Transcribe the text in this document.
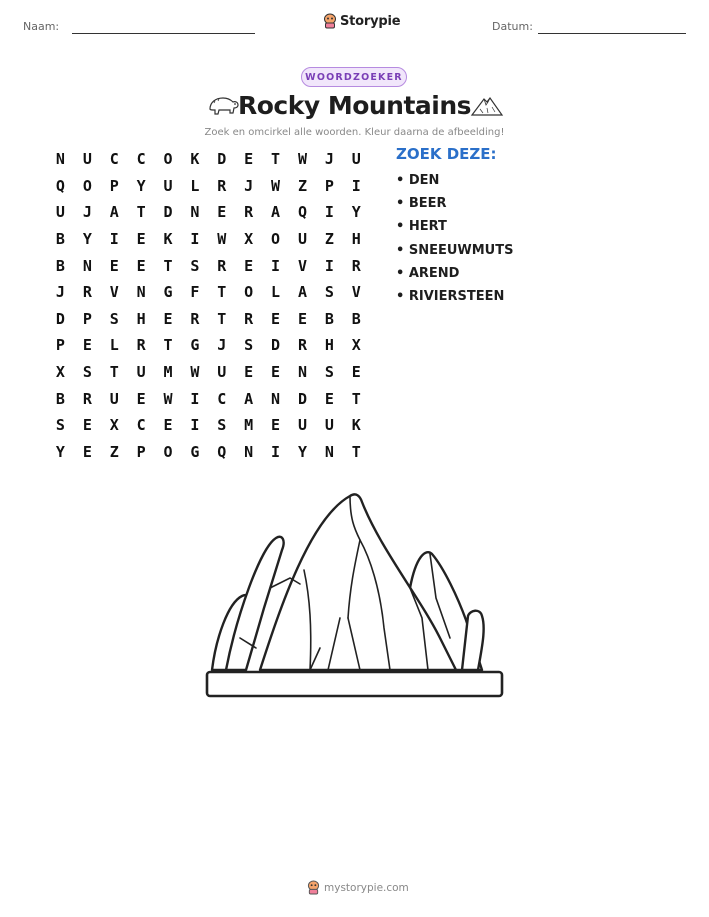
Naam:	Storypie	Datum:
WOORDZOEKER
Rocky Mountains
Zoek en omcirkel alle woorden. Kleur daarna de afbeelding!
N	U	C	C	O	K	D	E	T	W	J	U
Q	O	P	Y	U	L	R	J	W	Z	P	I
U	J	A	T	D	N	E	R	A	Q	I	Y
B	Y	I	E	K	I	W	X	O	U	Z	H
B	N	E	E	T	S	R	E	I	V	I	R
J	R	V	N	G	F	T	O	L	A	S	V
D	P	S	H	E	R	T	R	E	E	B	B
P	E	L	R	T	G	J	S	D	R	H	X
X	S	T	U	M	W	U	E	E	N	S	E
B	R	U	E	W	I	C	A	N	D	E	T
S	E	X	C	E	I	S	M	E	U	U	K
Y	E	Z	P	O	G	Q	N	I	Y	N	T
ZOEK DEZE:
• DEN
• BEER
• HERT
• SNEEUWMUTS
• AREND
• RIVIERSTEEN
mystorypie.com
